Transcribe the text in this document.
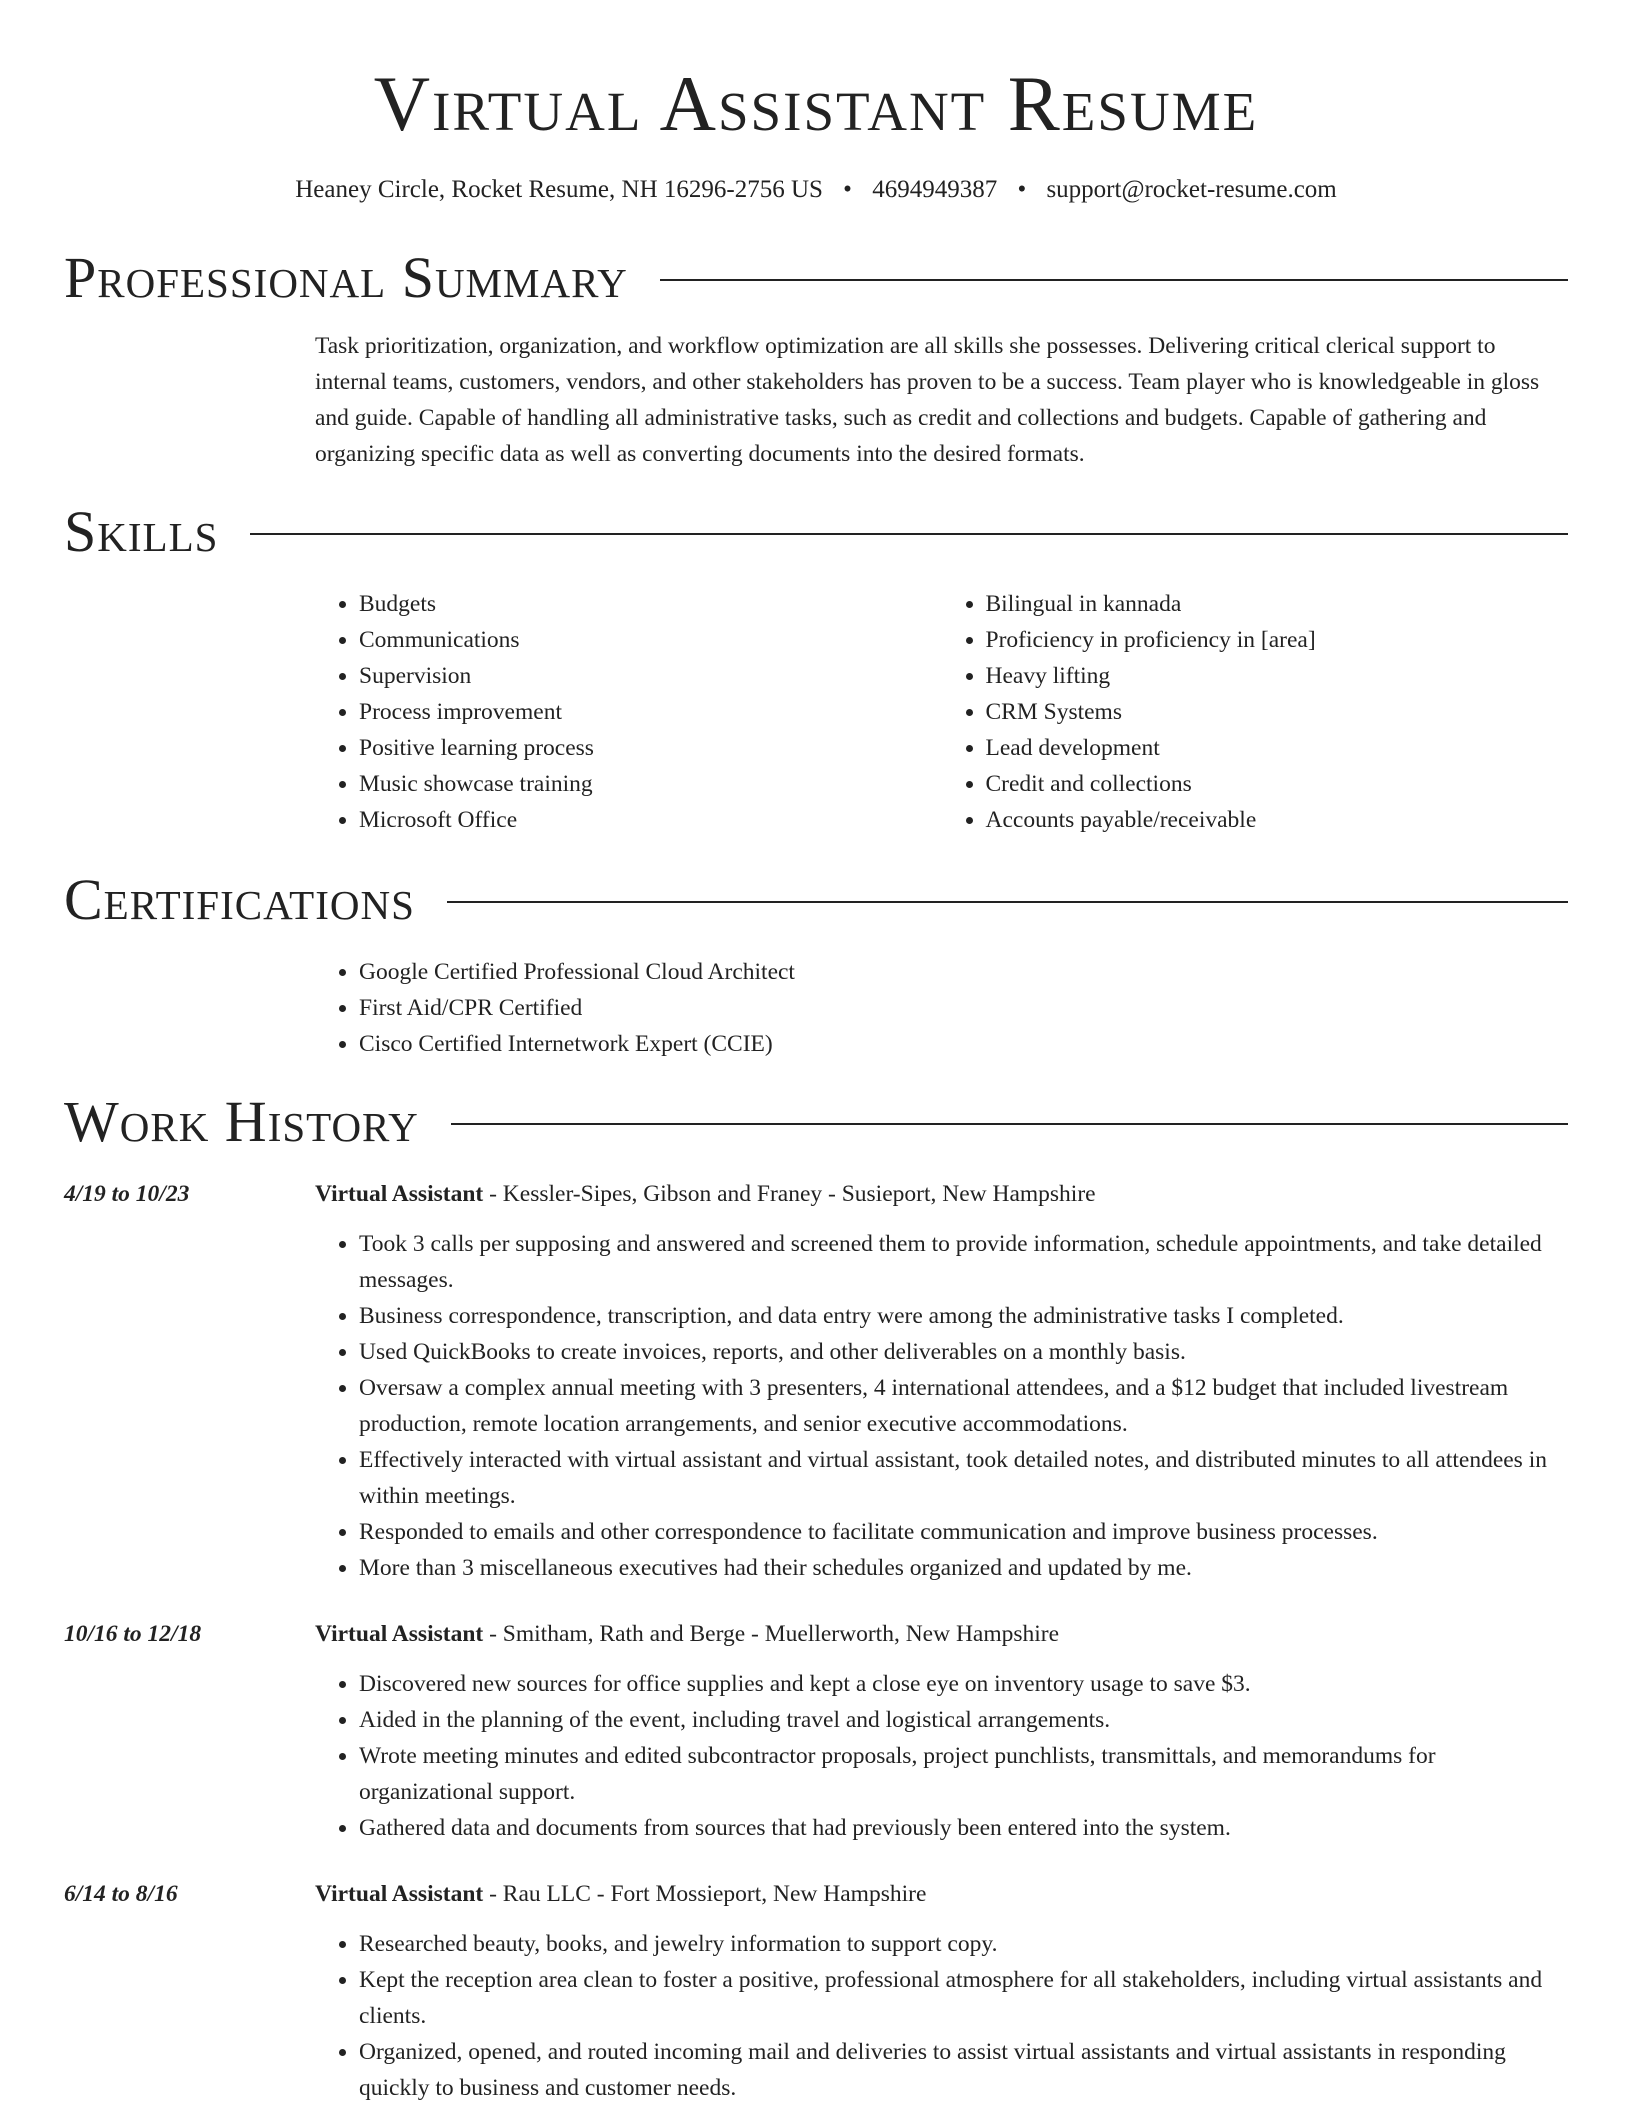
Virtual Assistant Resume
Heaney Circle, Rocket Resume, NH 16296-2756 US • 4694949387 • support@rocket-resume.com
Professional Summary
Task prioritization, organization, and workflow optimization are all skills she possesses. Delivering critical clerical support to internal teams, customers, vendors, and other stakeholders has proven to be a success. Team player who is knowledgeable in gloss and guide. Capable of handling all administrative tasks, such as credit and collections and budgets. Capable of gathering and organizing specific data as well as converting documents into the desired formats.
Skills
• Budgets
• Communications
• Supervision
• Process improvement
• Positive learning process
• Music showcase training
• Microsoft Office
• Bilingual in kannada
• Proficiency in proficiency in [area]
• Heavy lifting
• CRM Systems
• Lead development
• Credit and collections
• Accounts payable/receivable
Certifications
• Google Certified Professional Cloud Architect
• First Aid/CPR Certified
• Cisco Certified Internetwork Expert (CCIE)
Work History
4/19 to 10/23	Virtual Assistant - Kessler-Sipes, Gibson and Franey - Susieport, New Hampshire
• Took 3 calls per supposing and answered and screened them to provide information, schedule appointments, and take detailed messages.
• Business correspondence, transcription, and data entry were among the administrative tasks I completed.
• Used QuickBooks to create invoices, reports, and other deliverables on a monthly basis.
• Oversaw a complex annual meeting with 3 presenters, 4 international attendees, and a $12 budget that included livestream production, remote location arrangements, and senior executive accommodations.
• Effectively interacted with virtual assistant and virtual assistant, took detailed notes, and distributed minutes to all attendees in within meetings.
• Responded to emails and other correspondence to facilitate communication and improve business processes.
• More than 3 miscellaneous executives had their schedules organized and updated by me.
10/16 to 12/18	Virtual Assistant - Smitham, Rath and Berge - Muellerworth, New Hampshire
• Discovered new sources for office supplies and kept a close eye on inventory usage to save $3.
• Aided in the planning of the event, including travel and logistical arrangements.
• Wrote meeting minutes and edited subcontractor proposals, project punchlists, transmittals, and memorandums for organizational support.
• Gathered data and documents from sources that had previously been entered into the system.
6/14 to 8/16	Virtual Assistant - Rau LLC - Fort Mossieport, New Hampshire
• Researched beauty, books, and jewelry information to support copy.
• Kept the reception area clean to foster a positive, professional atmosphere for all stakeholders, including virtual assistants and clients.
• Organized, opened, and routed incoming mail and deliveries to assist virtual assistants and virtual assistants in responding quickly to business and customer needs.
